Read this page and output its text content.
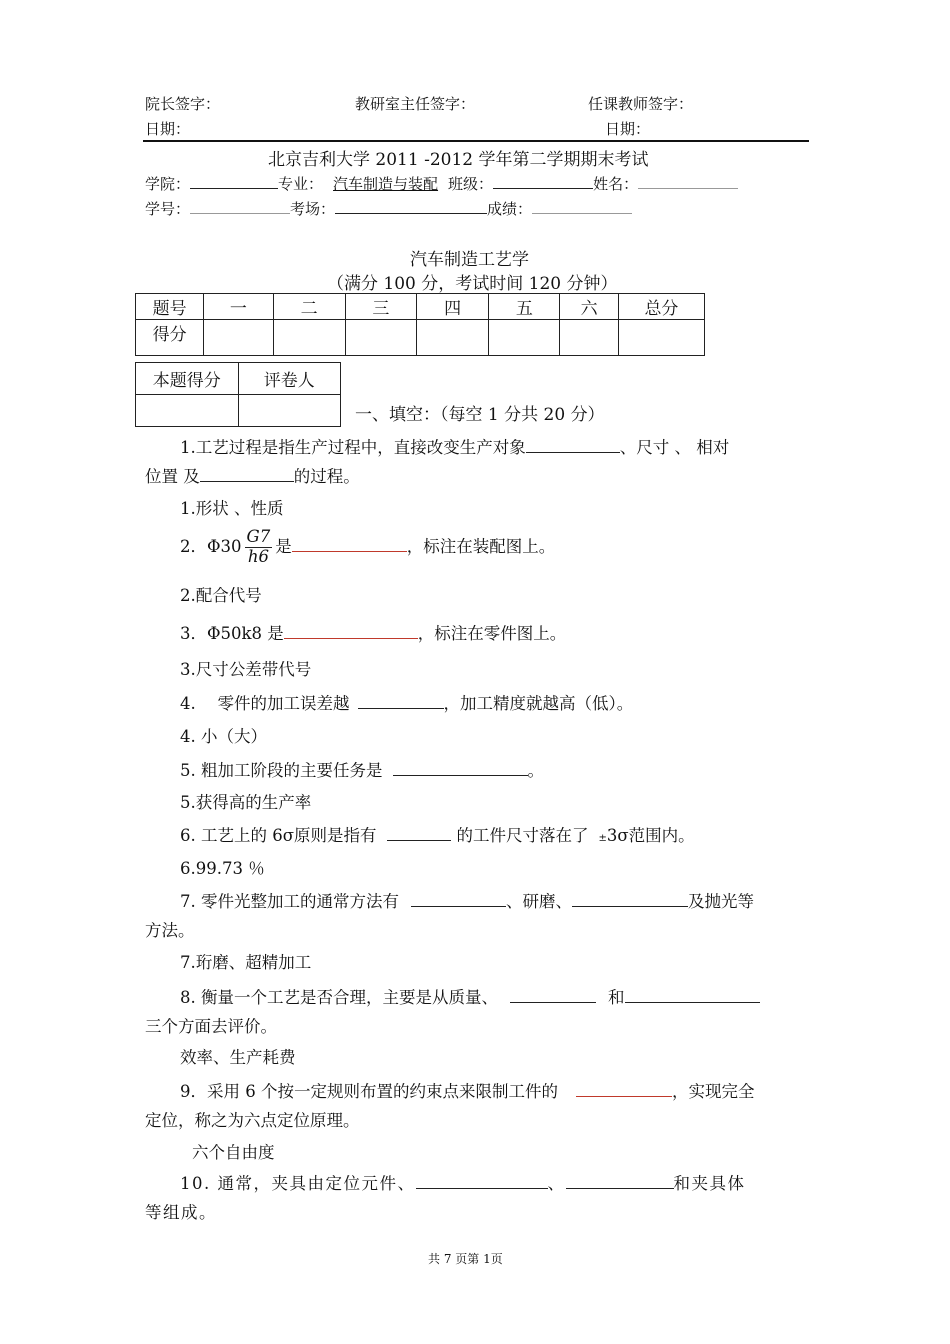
院长签字：	教研室主任签字：	任课教师签字：
日期：	日期：
北京吉利大学 2011 -2012 学年第二学期期末考试
学院：	专业： 汽车制造与装配 班级：	姓名：
学号：	考场：	成绩：
汽车制造工艺学
（满分 100 分，考试时间 120 分钟）
题号	一	二	三	四	五	六	总分
得分							
本题得分	评卷人

一、填空：（每空 1 分共 20 分）
1.工艺过程是指生产过程中，直接改变生产对象	、尺寸 、 相对
位置 及	的过程。
1.形状 、性质
2．$\Phi 30 \frac{G7}{h6}$ 是	，标注在装配图上。
2.配合代号
3．Φ50k8 是	，标注在零件图上。
3.尺寸公差带代号
4.　 零件的加工误差越	，加工精度就越高（低）。
4. 小（大）
5. 粗加工阶段的主要任务是	。
5.获得高的生产率
6. 工艺上的 6σ原则是指有	的工件尺寸落在了 ±3σ范围内。
6.99.73 ％
7. 零件光整加工的通常方法有	、研磨、	及抛光等
方法。
7.珩磨、超精加工
8. 衡量一个工艺是否合理，主要是从质量、	和
三个方面去评价。
效率、生产耗费
9．采用 6 个按一定规则布置的约束点来限制工件的	，实现完全
定位，称之为六点定位原理。
六个自由度
10. 通常，夹具由定位元件、	、	和夹具体
等组成。
共 7 页第 1页
